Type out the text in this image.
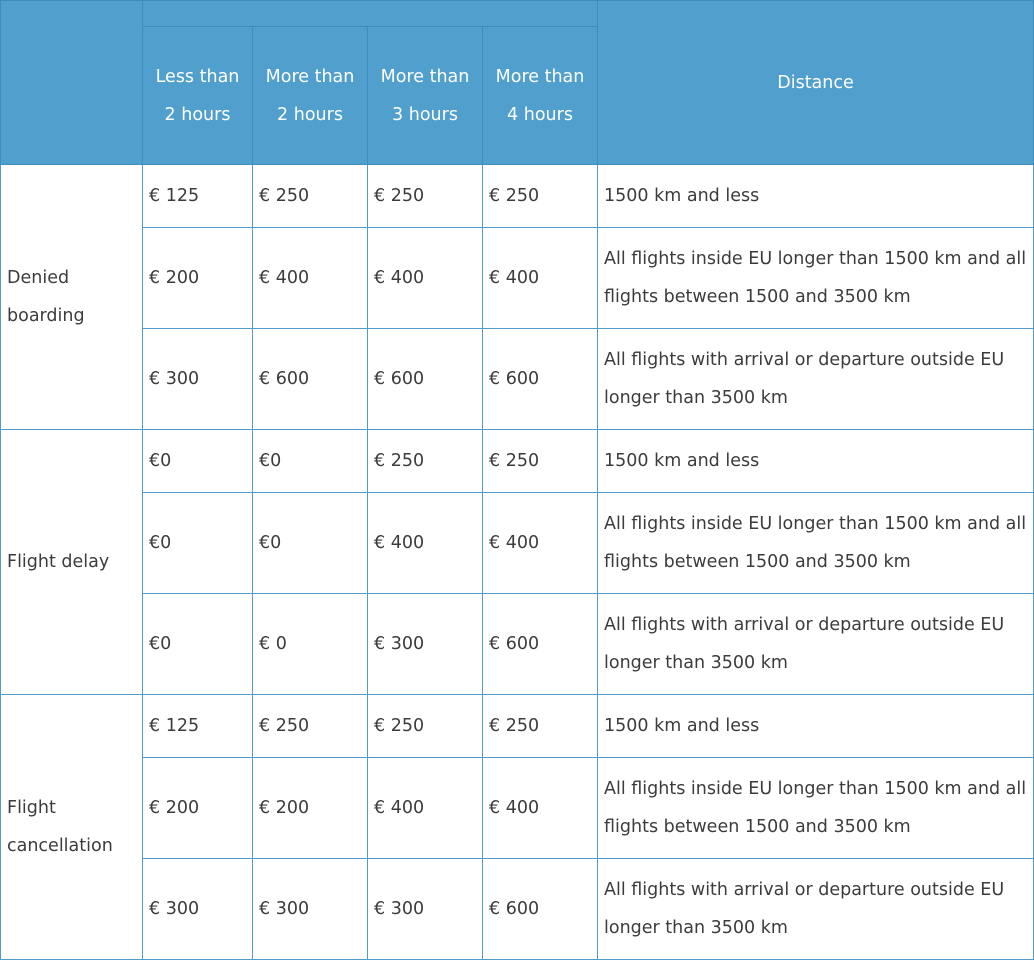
					Distance
	Less than 2 hours	More than 2 hours	More than 3 hours	More than 4 hours	
Denied boarding	€ 125	€ 250	€ 250	€ 250	1500 km and less
	€ 200	€ 400	€ 400	€ 400	All flights inside EU longer than 1500 km and all flights between 1500 and 3500 km
	€ 300	€ 600	€ 600	€ 600	All flights with arrival or departure outside EU longer than 3500 km
Flight delay	€0	€0	€ 250	€ 250	1500 km and less
	€0	€0	€ 400	€ 400	All flights inside EU longer than 1500 km and all flights between 1500 and 3500 km
	€0	€ 0	€ 300	€ 600	All flights with arrival or departure outside EU longer than 3500 km
Flight cancellation	€ 125	€ 250	€ 250	€ 250	1500 km and less
	€ 200	€ 200	€ 400	€ 400	All flights inside EU longer than 1500 km and all flights between 1500 and 3500 km
	€ 300	€ 300	€ 300	€ 600	All flights with arrival or departure outside EU longer than 3500 km
